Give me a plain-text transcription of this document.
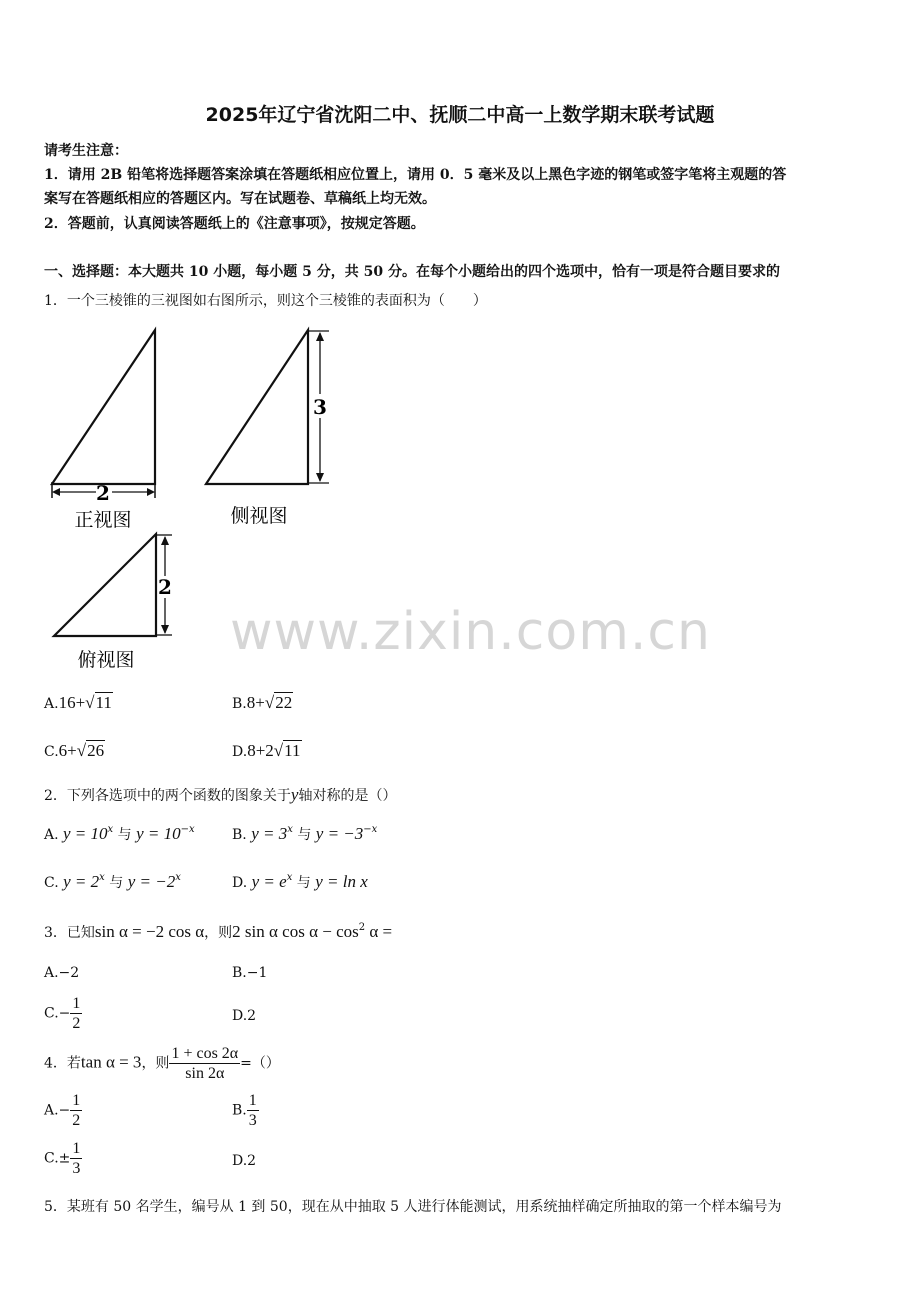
2025年辽宁省沈阳二中、抚顺二中高一上数学期末联考试题
请考生注意：
1．请用 2B 铅笔将选择题答案涂填在答题纸相应位置上，请用 0．5 毫米及以上黑色字迹的钢笔或签字笔将主观题的答
案写在答题纸相应的答题区内。写在试题卷、草稿纸上均无效。
2．答题前，认真阅读答题纸上的《注意事项》，按规定答题。
一、选择题：本大题共 10 小题，每小题 5 分，共 50 分。在每个小题给出的四个选项中，恰有一项是符合题目要求的
1．一个三棱锥的三视图如右图所示，则这个三棱锥的表面积为（　　）
2
正视图
3
侧视图
2
俯视图 www.zixin.com.cn
A.16+√11	B.8+√22
C.6+√26	D.8+2√11
2．下列各选项中的两个函数的图象关于y轴对称的是（）
A. $y = 10^x$ 与 $y = 10^{-x}$	B. $y = 3^x$ 与 $y = -3^{-x}$
C. $y = 2^x$ 与 $y = -2^x$	D. $y = e^x$ 与 y = ln x
3．已知sin α = −2 cos α，则2 sin α $\cos \alpha - \cos^2 \alpha$ =
A.−2	B.−1
$C.- \frac{1}{2}$	D.2
4．若tan α = 3，则 $\frac{1 + \cos 2\alpha}{\sin 2\alpha}$ =（）
$A.- \frac{1}{2}$	B. $\frac{1}{3}$
$C.\pm \frac{1}{3}$	D.2
5．某班有 50 名学生，编号从 1 到 50，现在从中抽取 5 人进行体能测试，用系统抽样确定所抽取的第一个样本编号为
